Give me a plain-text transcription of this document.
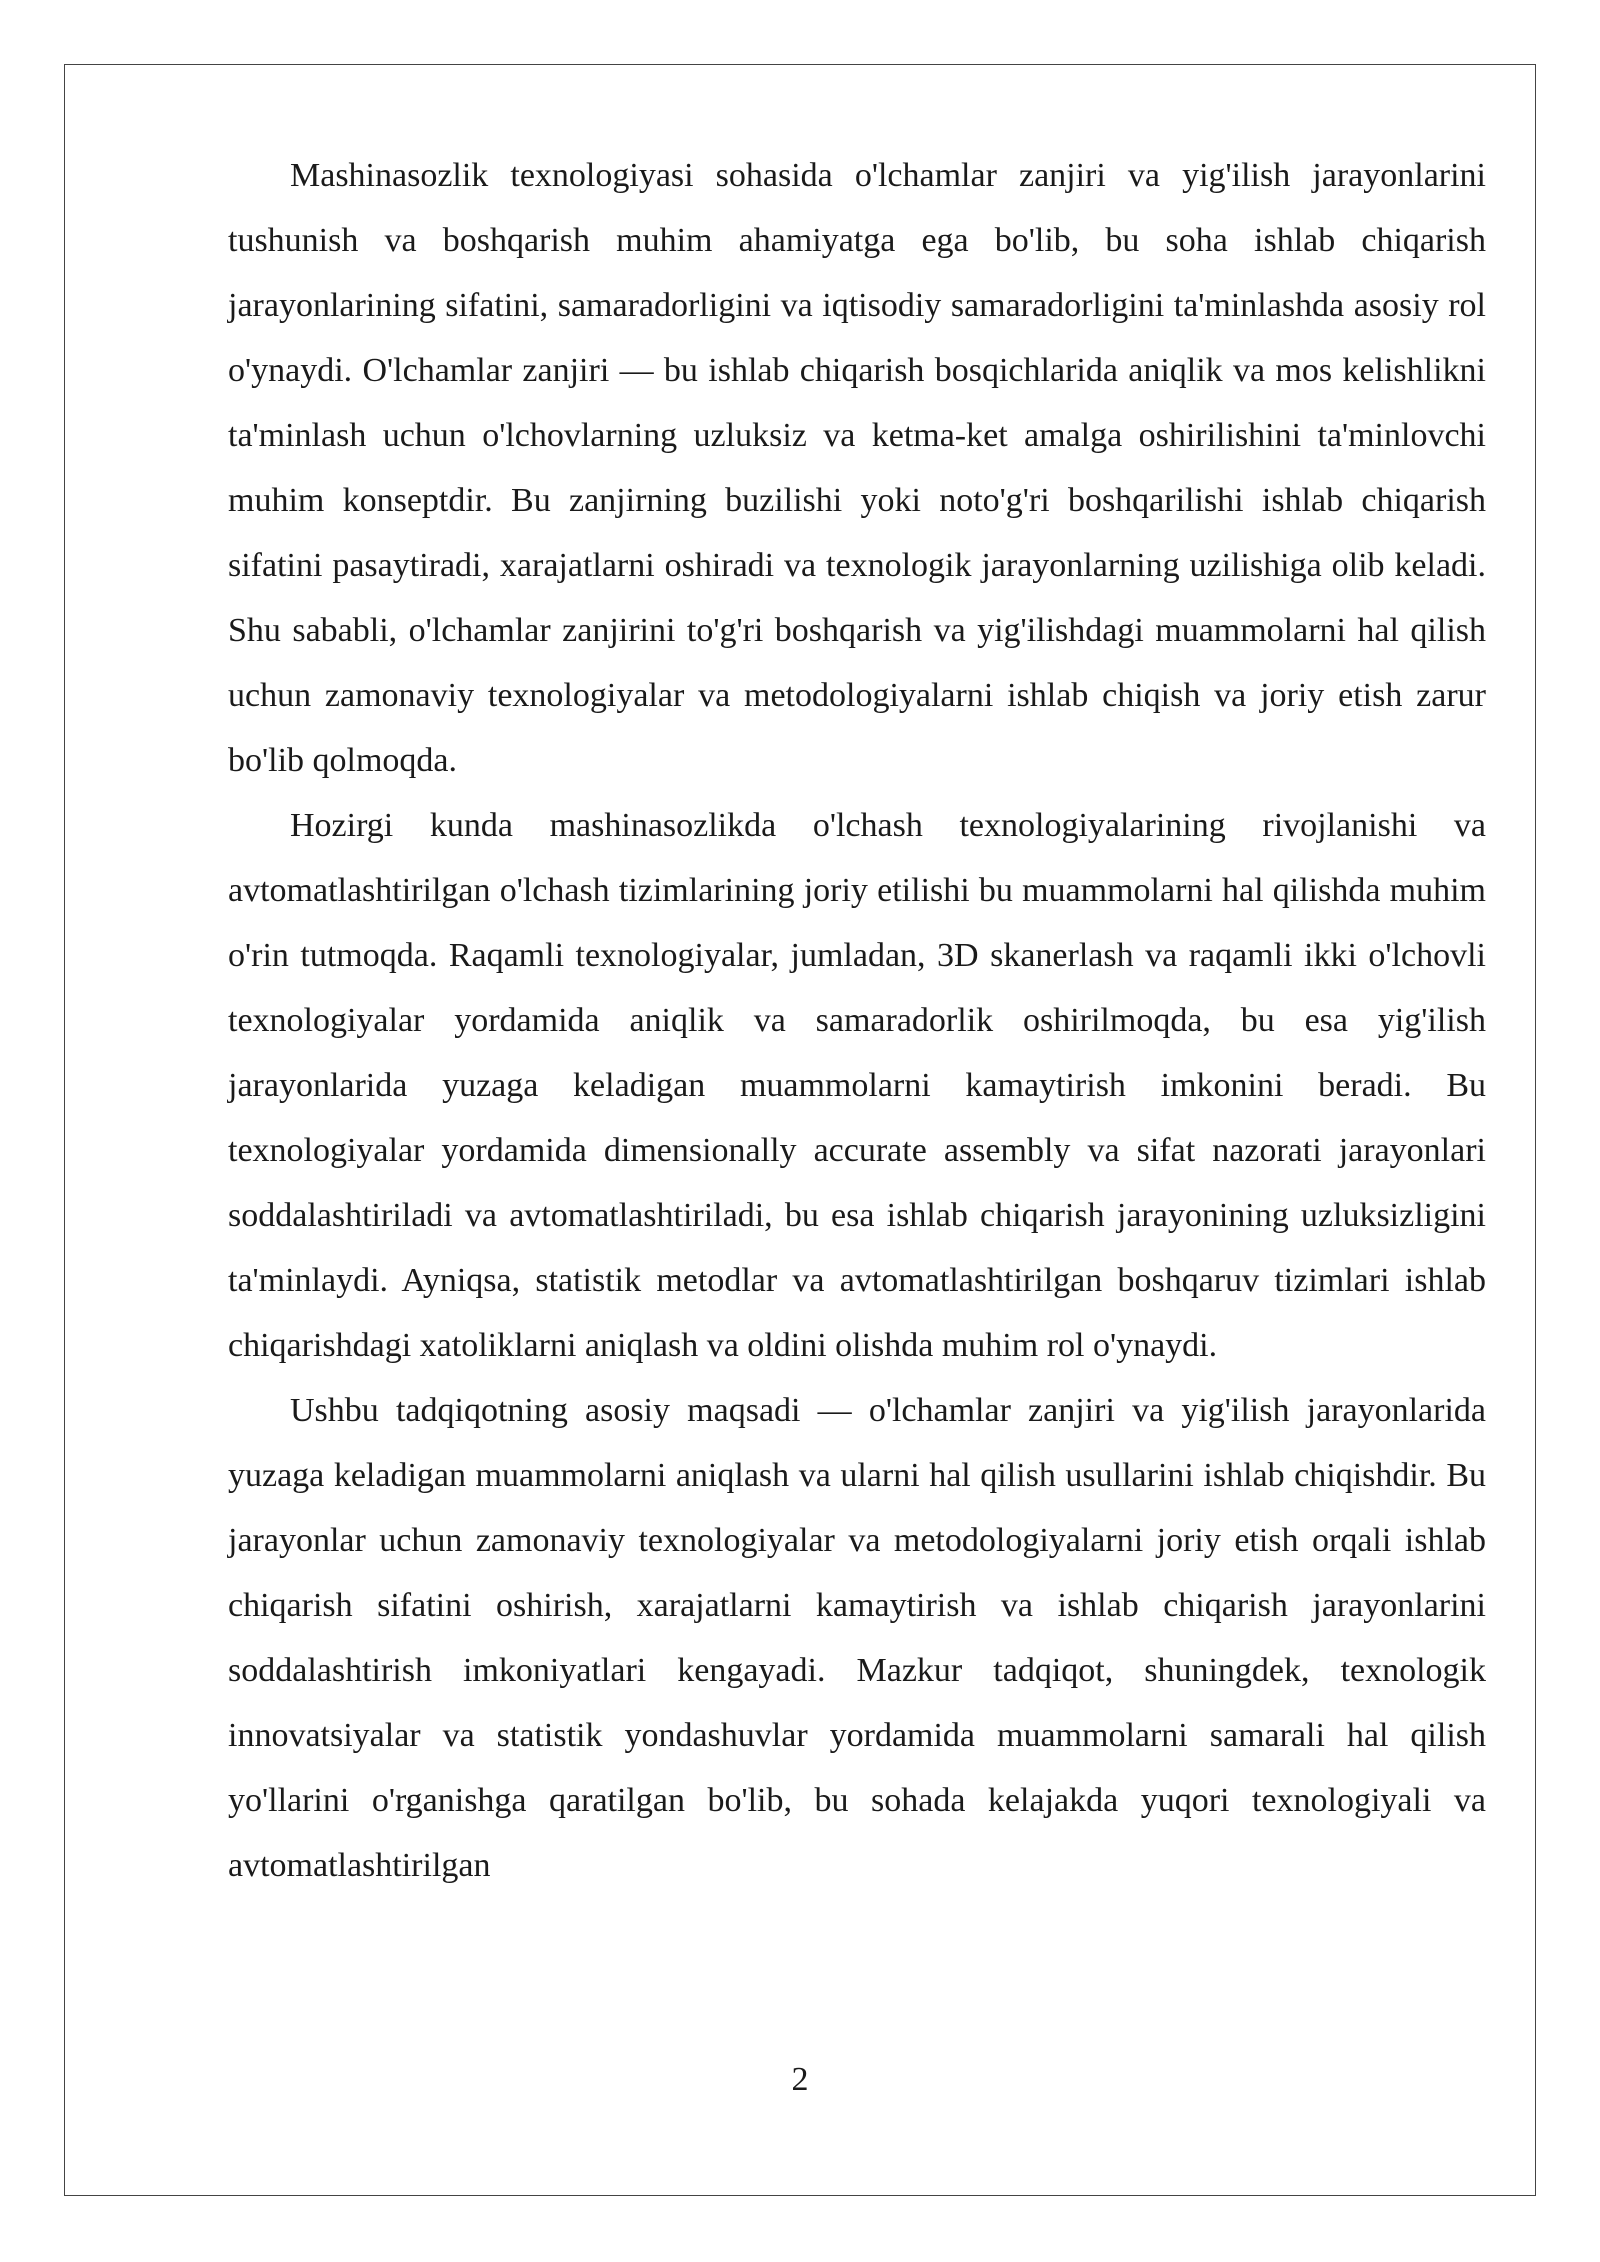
Mashinasozlik texnologiyasi sohasida o'lchamlar zanjiri va yig'ilish jarayonlarini tushunish va boshqarish muhim ahamiyatga ega bo'lib, bu soha ishlab chiqarish jarayonlarining sifatini, samaradorligini va iqtisodiy samaradorligini ta'minlashda asosiy rol o'ynaydi. O'lchamlar zanjiri — bu ishlab chiqarish bosqichlarida aniqlik va mos kelishlikni ta'minlash uchun o'lchovlarning uzluksiz va ketma-ket amalga oshirilishini ta'minlovchi muhim konseptdir. Bu zanjirning buzilishi yoki noto'g'ri boshqarilishi ishlab chiqarish sifatini pasaytiradi, xarajatlarni oshiradi va texnologik jarayonlarning uzilishiga olib keladi. Shu sababli, o'lchamlar zanjirini to'g'ri boshqarish va yig'ilishdagi muammolarni hal qilish uchun zamonaviy texnologiyalar va metodologiyalarni ishlab chiqish va joriy etish zarur bo'lib qolmoqda.

Hozirgi kunda mashinasozlikda o'lchash texnologiyalarining rivojlanishi va avtomatlashtirilgan o'lchash tizimlarining joriy etilishi bu muammolarni hal qilishda muhim o'rin tutmoqda. Raqamli texnologiyalar, jumladan, 3D skanerlash va raqamli ikki o'lchovli texnologiyalar yordamida aniqlik va samaradorlik oshirilmoqda, bu esa yig'ilish jarayonlarida yuzaga keladigan muammolarni kamaytirish imkonini beradi. Bu texnologiyalar yordamida dimensionally accurate assembly va sifat nazorati jarayonlari soddalashtiriladi va avtomatlashtiriladi, bu esa ishlab chiqarish jarayonining uzluksizligini ta'minlaydi. Ayniqsa, statistik metodlar va avtomatlashtirilgan boshqaruv tizimlari ishlab chiqarishdagi xatoliklarni aniqlash va oldini olishda muhim rol o'ynaydi.

Ushbu tadqiqotning asosiy maqsadi — o'lchamlar zanjiri va yig'ilish jarayonlarida yuzaga keladigan muammolarni aniqlash va ularni hal qilish usullarini ishlab chiqishdir. Bu jarayonlar uchun zamonaviy texnologiyalar va metodologiyalarni joriy etish orqali ishlab chiqarish sifatini oshirish, xarajatlarni kamaytirish va ishlab chiqarish jarayonlarini soddalashtirish imkoniyatlari kengayadi. Mazkur tadqiqot, shuningdek, texnologik innovatsiyalar va statistik yondashuvlar yordamida muammolarni samarali hal qilish yo'llarini o'rganishga qaratilgan bo'lib, bu sohada kelajakda yuqori texnologiyali va avtomatlashtirilgan

2
